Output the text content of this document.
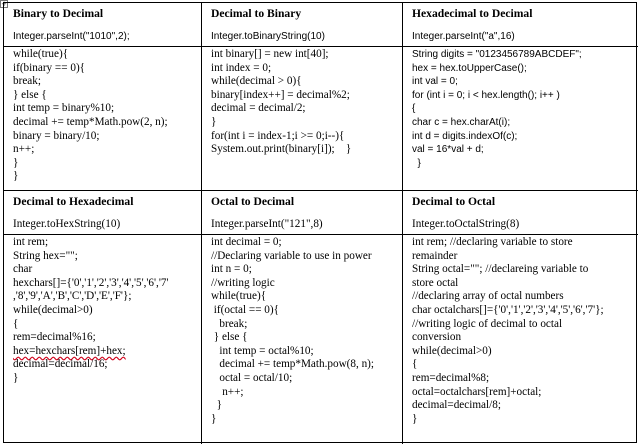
+
Binary to Decimal
Integer.parseInt("1010",2);
while(true){
if(binary == 0){
break;
} else {
int temp = binary%10;
decimal += temp*Math.pow(2, n);
binary = binary/10;
n++;
}
}
Decimal to Binary
Integer.toBinaryString(10)
int binary[] = new int[40];
int index = 0;
while(decimal > 0){
binary[index++] = decimal%2;
decimal = decimal/2;
}
for(int i = index-1;i >= 0;i--){
System.out.print(binary[i]);    }
Hexadecimal to Decimal
Integer.parseInt("a",16)
String digits = "0123456789ABCDEF";
hex = hex.toUpperCase();
int val = 0;
for (int i = 0; i < hex.length(); i++ )
{
char c = hex.charAt(i);
int d = digits.indexOf(c);
val = 16*val + d;
}
Decimal to Hexadecimal
Integer.toHexString(10)
int rem;
String hex="";
char
hexchars[]={'0','1','2','3','4','5','6','7'
,'8','9','A','B','C','D','E','F'};
while(decimal>0)
{
rem=decimal%16;
hex=hexchars[rem]+hex;
decimal=decimal/16;
}
Octal to Decimal
Integer.parseInt("121",8)
int decimal = 0;
//Declaring variable to use in power
int n = 0;
//writing logic
while(true){
if(octal == 0){
break;
} else {
int temp = octal%10;
decimal += temp*Math.pow(8, n);
octal = octal/10;
n++;
}
}
Decimal to Octal
Integer.toOctalString(8)
int rem; //declaring variable to store
remainder
String octal=""; //declareing variable to
store octal
//declaring array of octal numbers
char octalchars[]={'0','1','2','3','4','5','6','7'};
//writing logic of decimal to octal
conversion
while(decimal>0)
{
rem=decimal%8;
octal=octalchars[rem]+octal;
decimal=decimal/8;
}
